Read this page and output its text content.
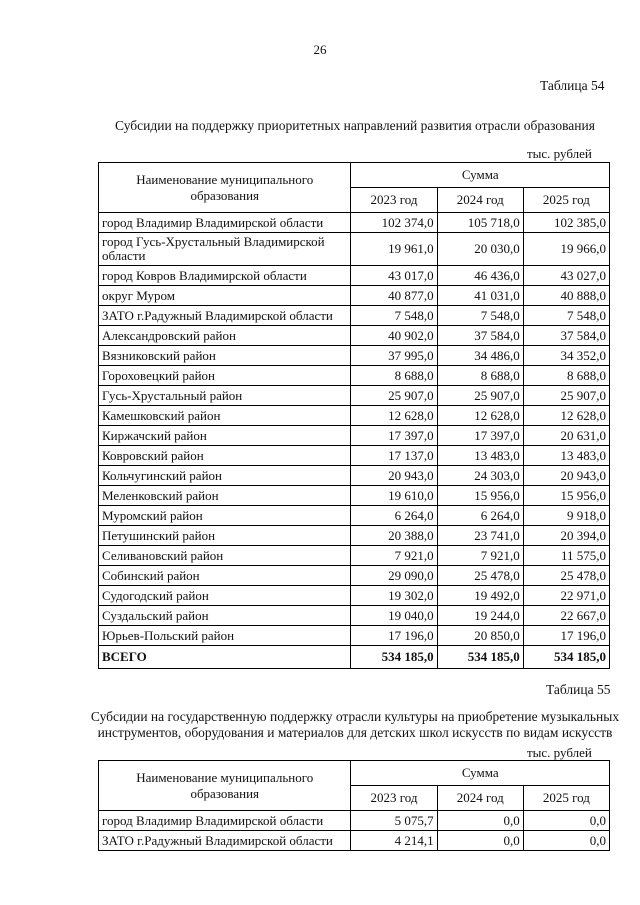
26
Таблица 54
Субсидии на поддержку приоритетных направлений развития отрасли образования
тыс. рублей
Наименование муниципального образования	Сумма		
	2023 год	2024 год	2025 год
город Владимир Владимирской области	102 374,0	105 718,0	102 385,0
город Гусь-Хрустальный Владимирской области	19 961,0	20 030,0	19 966,0
город Ковров Владимирской области	43 017,0	46 436,0	43 027,0
округ Муром	40 877,0	41 031,0	40 888,0
ЗАТО г.Радужный Владимирской области	7 548,0	7 548,0	7 548,0
Александровский район	40 902,0	37 584,0	37 584,0
Вязниковский район	37 995,0	34 486,0	34 352,0
Гороховецкий район	8 688,0	8 688,0	8 688,0
Гусь-Хрустальный район	25 907,0	25 907,0	25 907,0
Камешковский район	12 628,0	12 628,0	12 628,0
Киржачский район	17 397,0	17 397,0	20 631,0
Ковровский район	17 137,0	13 483,0	13 483,0
Кольчугинский район	20 943,0	24 303,0	20 943,0
Меленковский район	19 610,0	15 956,0	15 956,0
Муромский район	6 264,0	6 264,0	9 918,0
Петушинский район	20 388,0	23 741,0	20 394,0
Селивановский район	7 921,0	7 921,0	11 575,0
Собинский район	29 090,0	25 478,0	25 478,0
Судогодский район	19 302,0	19 492,0	22 971,0
Суздальский район	19 040,0	19 244,0	22 667,0
Юрьев-Польский район	17 196,0	20 850,0	17 196,0
ВСЕГО	534 185,0	534 185,0	534 185,0
Таблица 55
Субсидии на государственную поддержку отрасли культуры на приобретение музыкальных инструментов, оборудования и материалов для детских школ искусств по видам искусств
тыс. рублей
Наименование муниципального образования	Сумма		
	2023 год	2024 год	2025 год
город Владимир Владимирской области	5 075,7	0,0	0,0
ЗАТО г.Радужный Владимирской области	4 214,1	0,0	0,0
